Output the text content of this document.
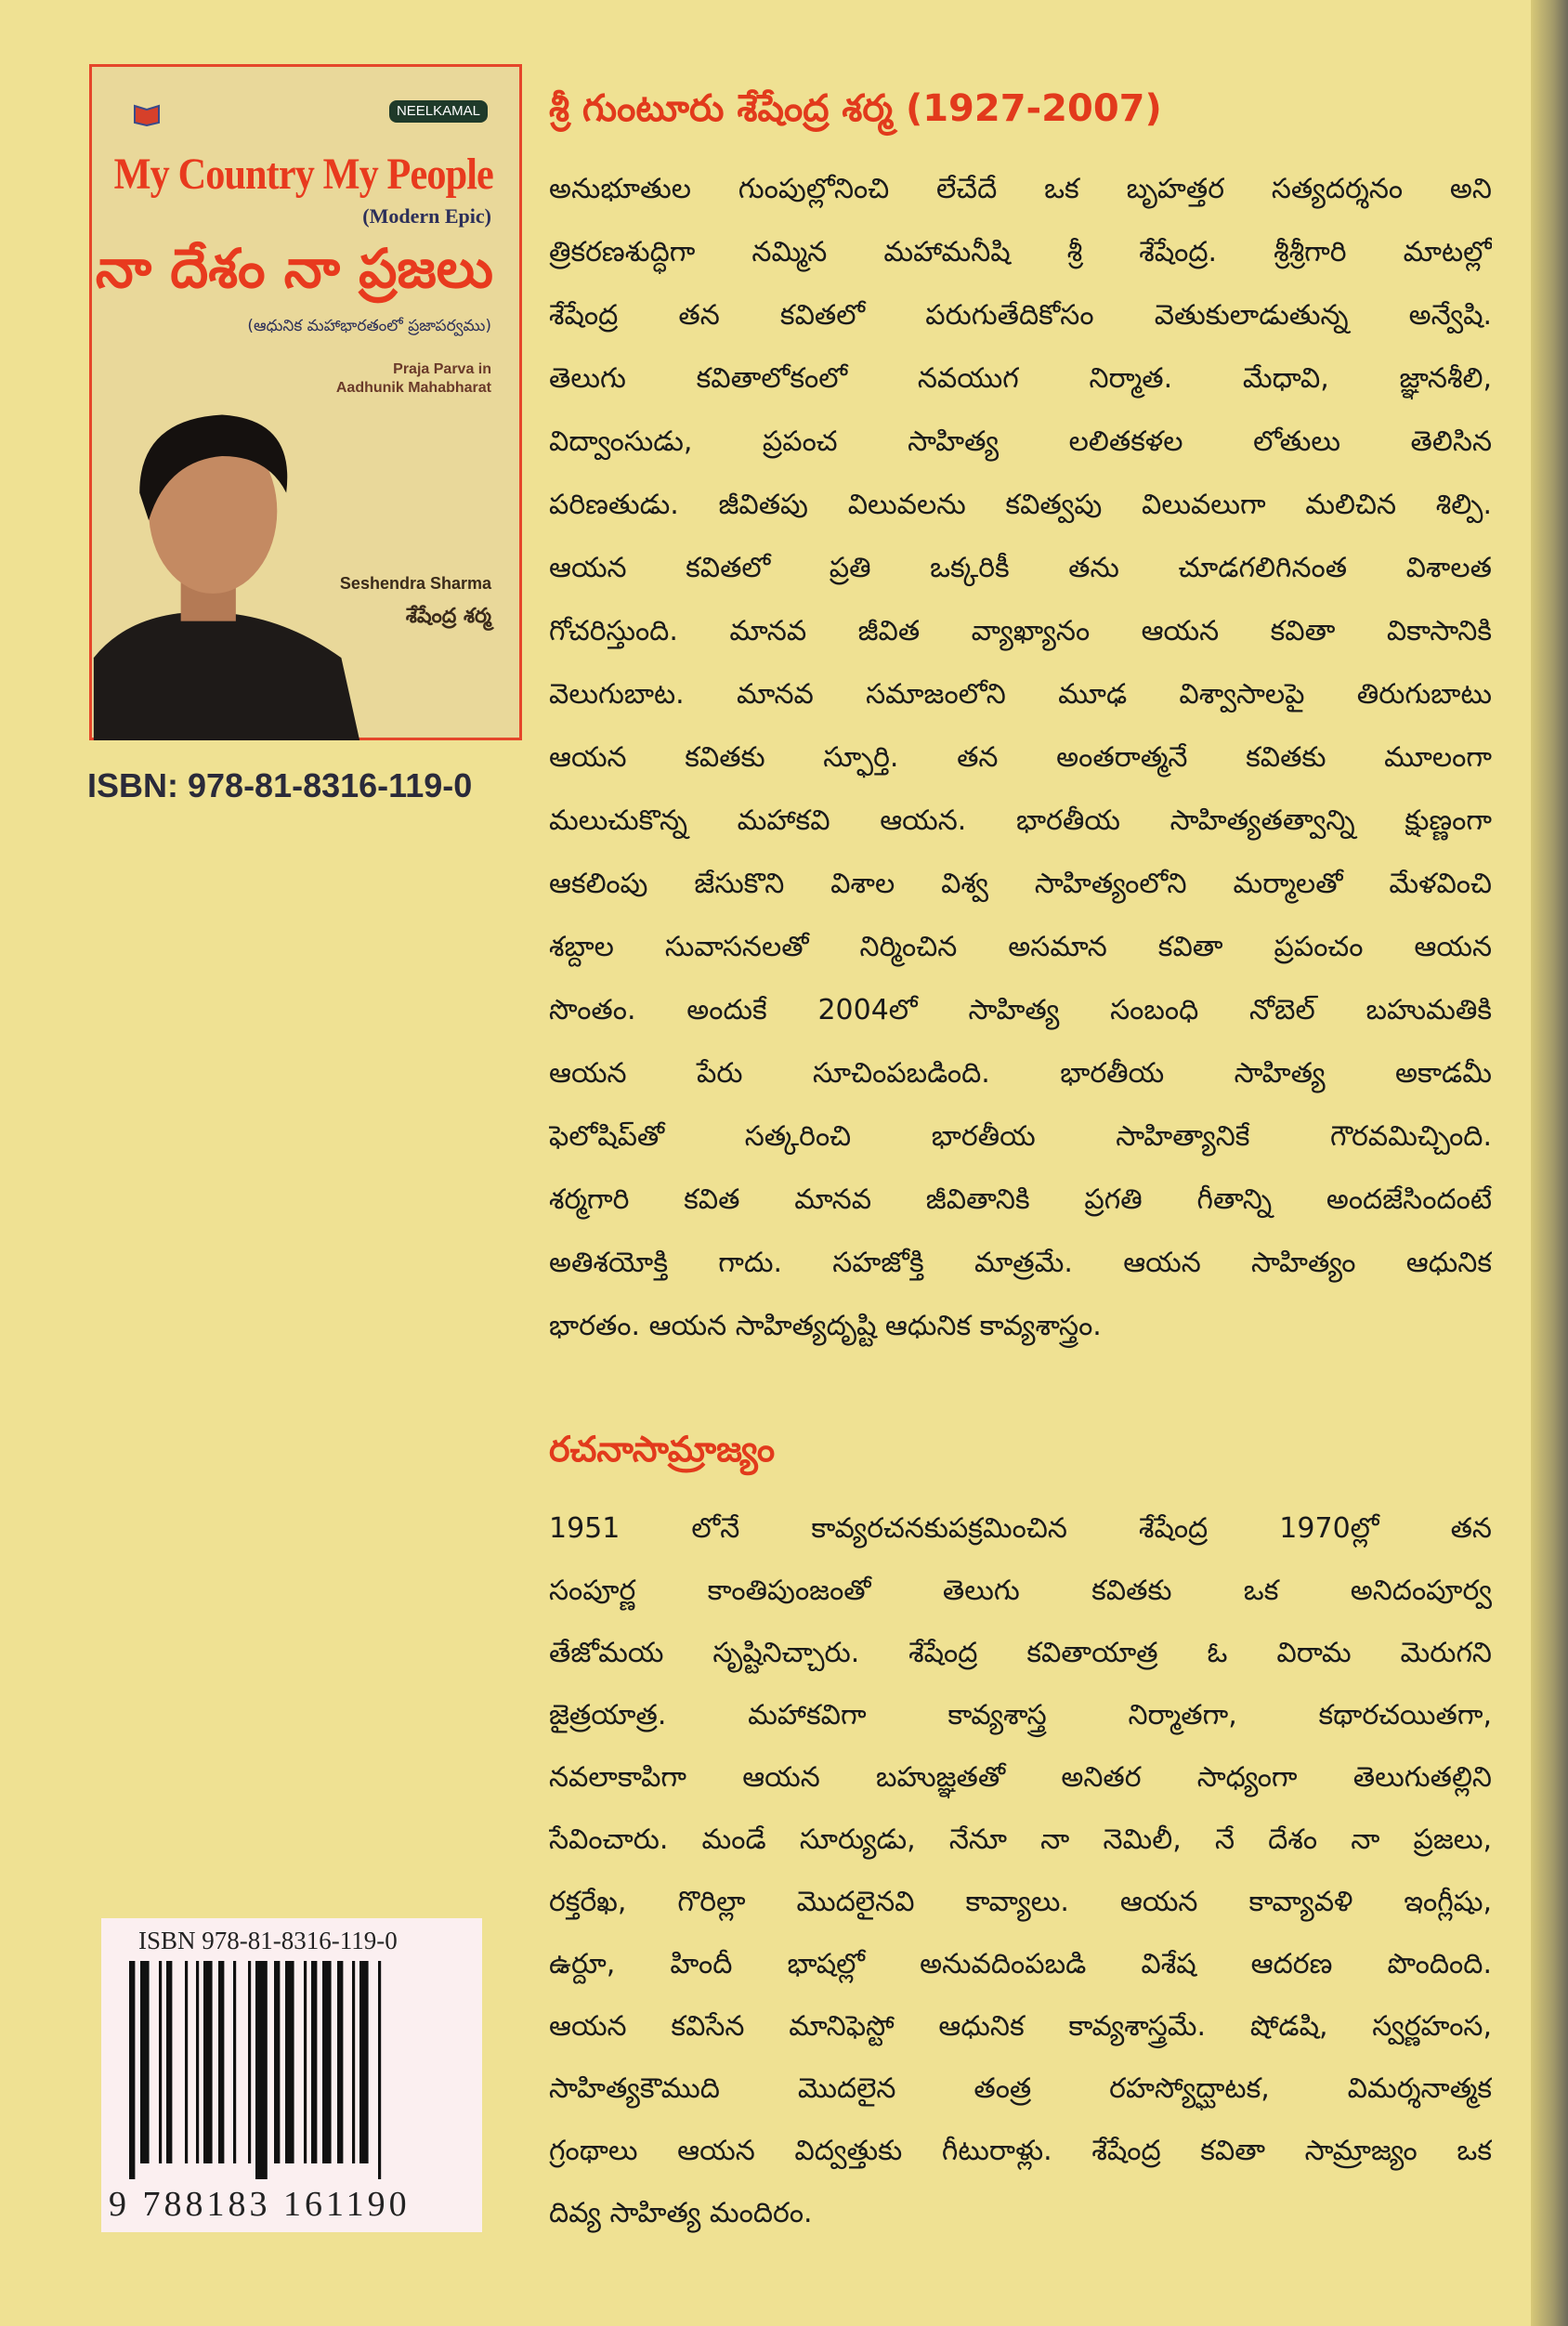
NEELKAMAL
My Country My People
(Modern Epic)
నా దేశం నా ప్రజలు
(ఆధునిక మహాభారతంలో ప్రజాపర్వము)
Praja Parva in
Aadhunik Mahabharat
Seshendra Sharma
శేషేంద్ర శర్మ
ISBN: 978-81-8316-119-0
ISBN 978-81-8316-119-0
9 788183 161190
శ్రీ గుంటూరు శేషేంద్ర శర్మ (1927-2007)
అనుభూతుల గుంపుల్లోనించి లేచేదే ఒక బృహత్తర సత్యదర్శనం అని
త్రికరణశుద్ధిగా నమ్మిన మహామనీషి శ్రీ శేషేంద్ర. శ్రీశ్రీగారి మాటల్లో
శేషేంద్ర తన కవితలో పరుగుతేదికోసం వెతుకులాడుతున్న అన్వేషి.
తెలుగు కవితాలోకంలో నవయుగ నిర్మాత. మేధావి, జ్ఞానశీలి,
విద్వాంసుడు, ప్రపంచ సాహిత్య లలితకళల లోతులు తెలిసిన
పరిణతుడు. జీవితపు విలువలను కవిత్వపు విలువలుగా మలిచిన శిల్పి.
ఆయన కవితలో ప్రతి ఒక్కరికీ తను చూడగలిగినంత విశాలత
గోచరిస్తుంది. మానవ జీవిత వ్యాఖ్యానం ఆయన కవితా వికాసానికి
వెలుగుబాట. మానవ సమాజంలోని మూఢ విశ్వాసాలపై తిరుగుబాటు
ఆయన కవితకు స్ఫూర్తి. తన అంతరాత్మనే కవితకు మూలంగా
మలుచుకొన్న మహాకవి ఆయన. భారతీయ సాహిత్యతత్వాన్ని క్షుణ్ణంగా
ఆకలింపు జేసుకొని విశాల విశ్వ సాహిత్యంలోని మర్మాలతో మేళవించి
శబ్దాల సువాసనలతో నిర్మించిన అసమాన కవితా ప్రపంచం ఆయన
సొంతం. అందుకే 2004లో సాహిత్య సంబంధి నోబెల్ బహుమతికి
ఆయన పేరు సూచింపబడింది. భారతీయ సాహిత్య అకాడమీ
ఫెలోషిప్‌తో సత్కరించి భారతీయ సాహిత్యానికే గౌరవమిచ్చింది.
శర్మగారి కవిత మానవ జీవితానికి ప్రగతి గీతాన్ని అందజేసిందంటే
అతిశయోక్తి గాదు. సహజోక్తి మాత్రమే. ఆయన సాహిత్యం ఆధునిక
భారతం. ఆయన సాహిత్యదృష్టి ఆధునిక కావ్యశాస్త్రం.
రచనాసామ్రాజ్యం
1951 లోనే కావ్యరచనకుపక్రమించిన శేషేంద్ర 1970ల్లో తన
సంపూర్ణ కాంతిపుంజంతో తెలుగు కవితకు ఒక అనిదంపూర్వ
తేజోమయ సృష్టినిచ్చారు. శేషేంద్ర కవితాయాత్ర ఓ విరామ మెరుగని
జైత్రయాత్ర. మహాకవిగా కావ్యశాస్త్ర నిర్మాతగా, కథారచయితగా,
నవలాకాపిగా ఆయన బహుజ్ఞతతో అనితర సాధ్యంగా తెలుగుతల్లిని
సేవించారు. మండే సూర్యుడు, నేనూ నా నెమిలీ, నే దేశం నా ప్రజలు,
రక్తరేఖ, గొరిల్లా మొదలైనవి కావ్యాలు. ఆయన కావ్యావళి ఇంగ్లీషు,
ఉర్దూ, హిందీ భాషల్లో అనువదింపబడి విశేష ఆదరణ పొందింది.
ఆయన కవిసేన మానిఫెస్టో ఆధునిక కావ్యశాస్త్రమే. షోడషి, స్వర్ణహంస,
సాహిత్యకౌముది మొదలైన తంత్ర రహస్యోద్ఘాటక, విమర్శనాత్మక
గ్రంథాలు ఆయన విద్వత్తుకు గీటురాళ్లు. శేషేంద్ర కవితా సామ్రాజ్యం ఒక
దివ్య సాహిత్య మందిరం.
